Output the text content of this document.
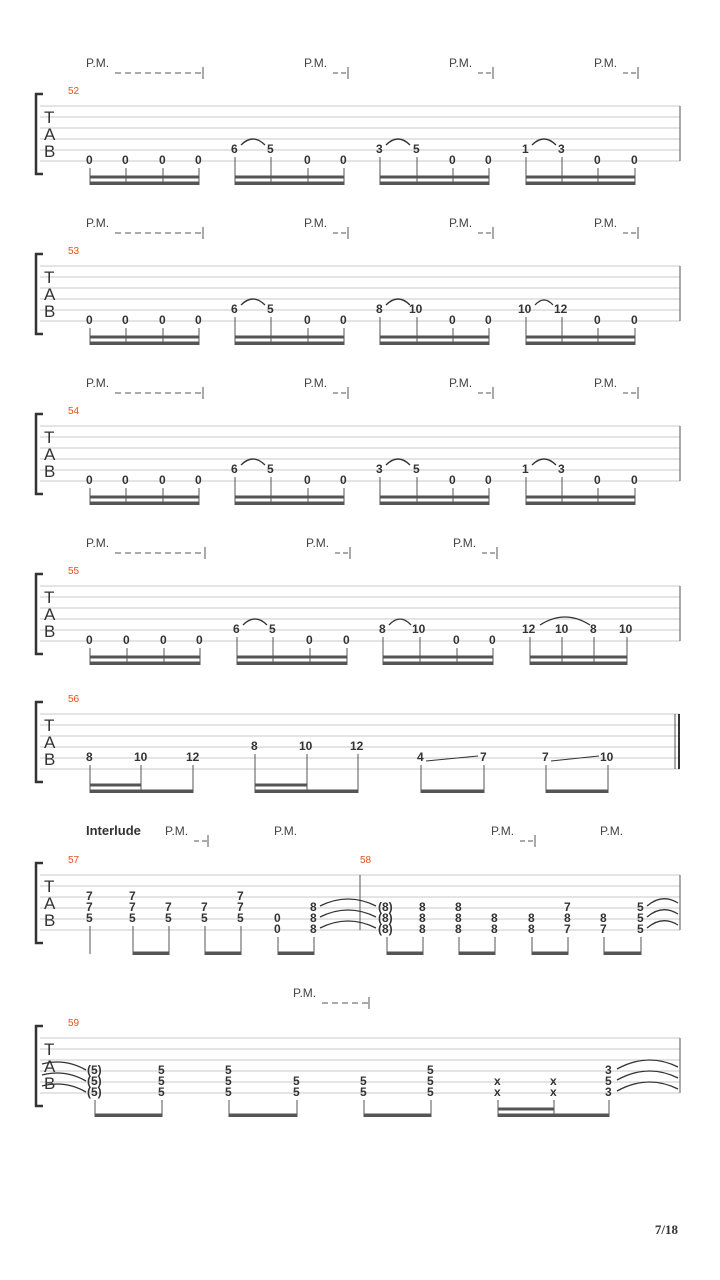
P.M.	P.M.	P.M.	P.M.
52
T
A
B	0 0	0 0
6 5
0 0
3	5
0 0
1 3
0	0
P.M.	P.M.	P.M.	P.M.
53
T
A
B	0 0	0 0
6 5
0 0
8 10
0 0
10 12
0	0
P.M.	P.M.	P.M.	P.M.
54
T
A
B	0 0	0 0
6 5
0 0
3	5
0 0
1 3
0	0
P.M.	P.M.	P.M.
55
T
A
B	0	0	0 0
6 5
0	0
8 10
0 0
12 10 8 10
56
T
A
B	8	10	12
8	10	12
4	7	7	10
Interlude P.M.	P.M.	P.M.	P.M.
57	58
T
A
B
7
7
5
7
7
5
7
5
7
5
7
7
5	0
0
8
8
8
(8)
(8)
(8)
8
8
8
8
8
8
8
8
8
8
7
8
7
8
7
5
5
5
P.M.
59
T
A
B
(5)
(5)
(5)
5
5
5
5
5
5
5
5
5
5
5
5
5
x
x
x
x
3
5
3
7/18
